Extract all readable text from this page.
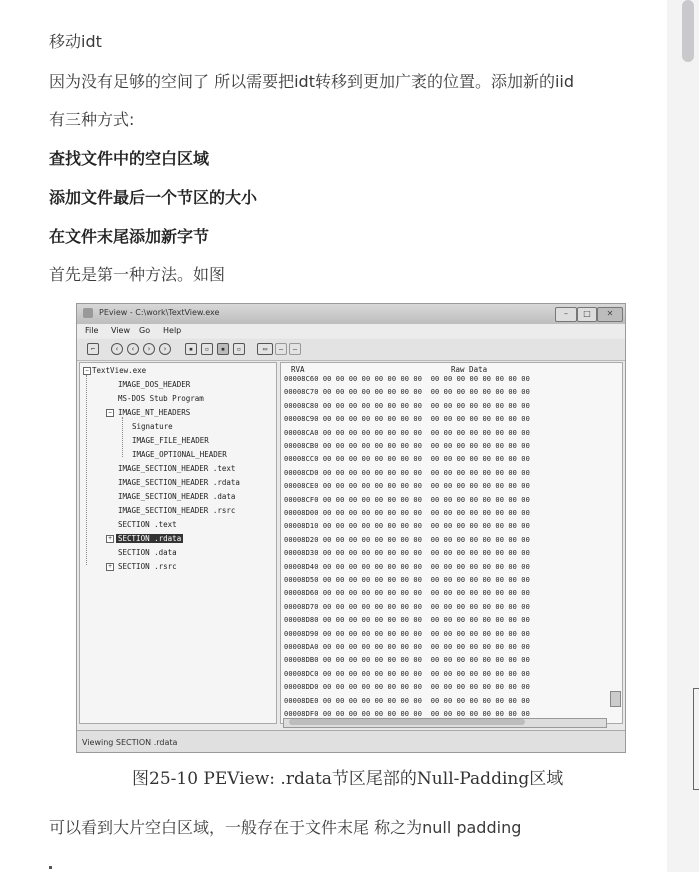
移动idt
因为没有足够的空间了 所以需要把idt转移到更加广袤的位置。添加新的iid
有三种方式:
查找文件中的空白区域
添加文件最后一个节区的大小
在文件末尾添加新字节
首先是第一种方法。如图
PEview - C:\work\TextView.exe	–	□	✕
File View Go Help
⌐	‹	‹	›	›	▪	▫	▪	▫	▭	–	–
− TextView.exe
IMAGE_DOS_HEADER
MS-DOS Stub Program
− IMAGE_NT_HEADERS
Signature
IMAGE_FILE_HEADER
IMAGE_OPTIONAL_HEADER
IMAGE_SECTION_HEADER .text
IMAGE_SECTION_HEADER .rdata
IMAGE_SECTION_HEADER .data
IMAGE_SECTION_HEADER .rsrc
SECTION .text
+ SECTION .rdata
SECTION .data
+ SECTION .rsrc
RVA	Raw Data
00008C60 00 00 00 00 00 00 00 00  00 00 00 00 00 00 00 00
00008C70 00 00 00 00 00 00 00 00  00 00 00 00 00 00 00 00
00008C80 00 00 00 00 00 00 00 00  00 00 00 00 00 00 00 00
00008C90 00 00 00 00 00 00 00 00  00 00 00 00 00 00 00 00
00008CA0 00 00 00 00 00 00 00 00  00 00 00 00 00 00 00 00
00008CB0 00 00 00 00 00 00 00 00  00 00 00 00 00 00 00 00
00008CC0 00 00 00 00 00 00 00 00  00 00 00 00 00 00 00 00
00008CD0 00 00 00 00 00 00 00 00  00 00 00 00 00 00 00 00
00008CE0 00 00 00 00 00 00 00 00  00 00 00 00 00 00 00 00
00008CF0 00 00 00 00 00 00 00 00  00 00 00 00 00 00 00 00
00008D00 00 00 00 00 00 00 00 00  00 00 00 00 00 00 00 00
00008D10 00 00 00 00 00 00 00 00  00 00 00 00 00 00 00 00
00008D20 00 00 00 00 00 00 00 00  00 00 00 00 00 00 00 00
00008D30 00 00 00 00 00 00 00 00  00 00 00 00 00 00 00 00
00008D40 00 00 00 00 00 00 00 00  00 00 00 00 00 00 00 00
00008D50 00 00 00 00 00 00 00 00  00 00 00 00 00 00 00 00
00008D60 00 00 00 00 00 00 00 00  00 00 00 00 00 00 00 00
00008D70 00 00 00 00 00 00 00 00  00 00 00 00 00 00 00 00
00008D80 00 00 00 00 00 00 00 00  00 00 00 00 00 00 00 00
00008D90 00 00 00 00 00 00 00 00  00 00 00 00 00 00 00 00
00008DA0 00 00 00 00 00 00 00 00  00 00 00 00 00 00 00 00
00008DB0 00 00 00 00 00 00 00 00  00 00 00 00 00 00 00 00
00008DC0 00 00 00 00 00 00 00 00  00 00 00 00 00 00 00 00
00008DD0 00 00 00 00 00 00 00 00  00 00 00 00 00 00 00 00
00008DE0 00 00 00 00 00 00 00 00  00 00 00 00 00 00 00 00
00008DF0 00 00 00 00 00 00 00 00  00 00 00 00 00 00 00 00
Viewing SECTION .rdata
图25-10 PEView: .rdata节区尾部的Null-Padding区域
可以看到大片空白区域，一般存在于文件末尾 称之为null padding
